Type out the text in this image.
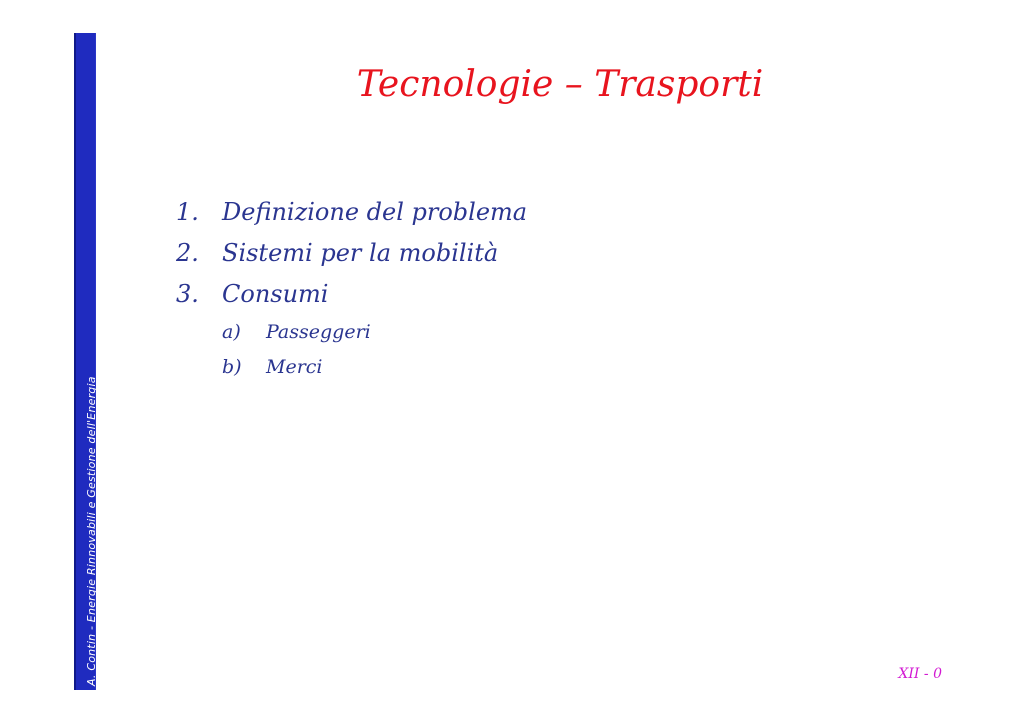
A. Contin - Energie Rinnovabili e Gestione dell'Energia
Tecnologie – Trasporti
1. Definizione del problema
2. Sistemi per la mobilità
3. Consumi
a) Passeggeri
b) Merci
XII - 0
